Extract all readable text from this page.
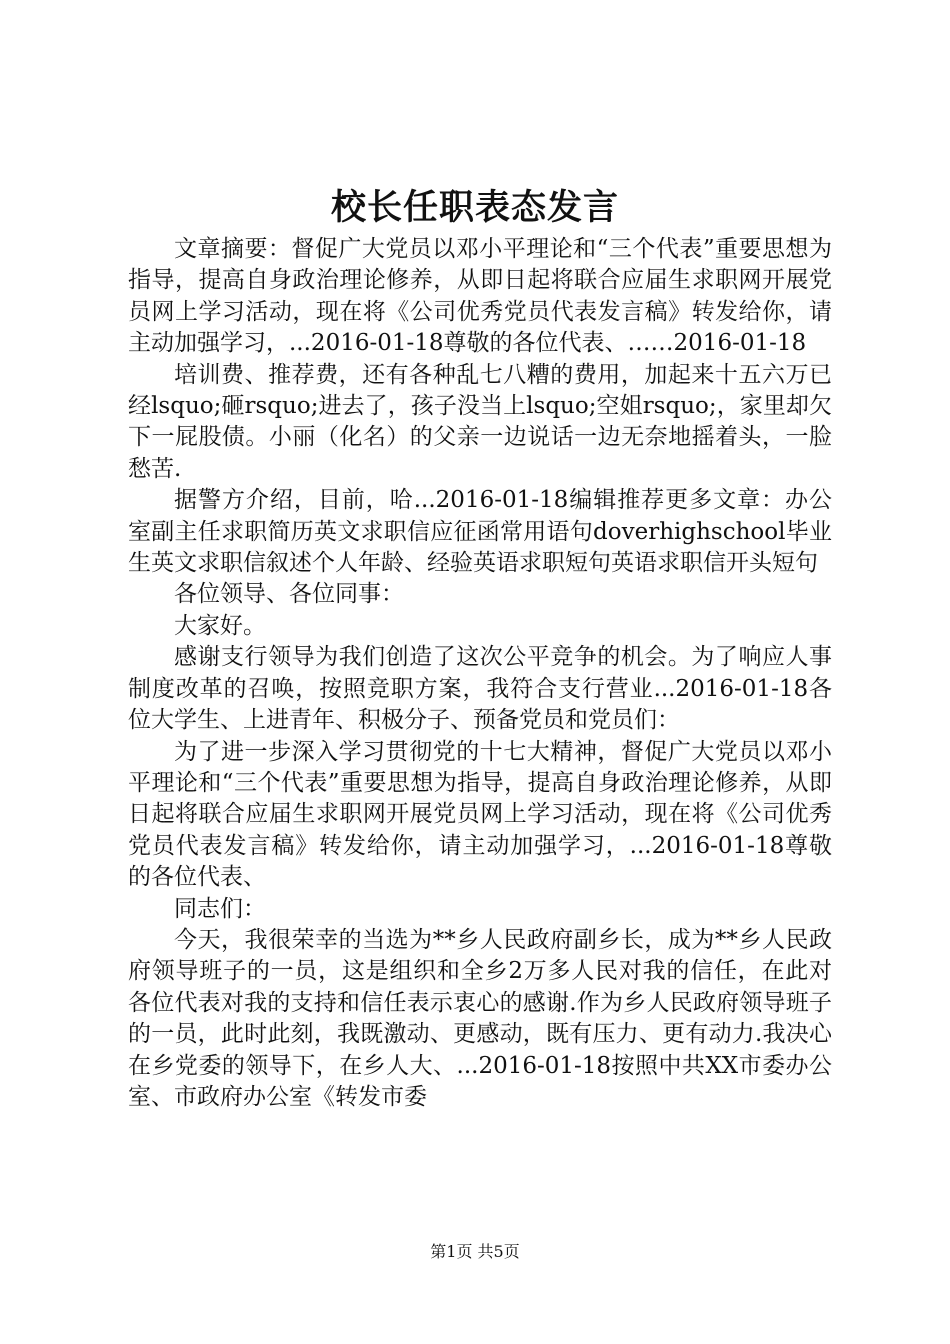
校长任职表态发言

文章摘要：督促广大党员以邓小平理论和“三个代表”重要思想为指导，提高自身政治理论修养，从即日起将联合应届生求职网开展党员网上学习活动，现在将《公司优秀党员代表发言稿》转发给你，请主动加强学习，...2016-01-18尊敬的各位代表、……2016-01-18

培训费、推荐费，还有各种乱七八糟的费用，加起来十五六万已经lsquo;砸rsquo;进去了，孩子没当上lsquo;空姐rsquo;，家里却欠下一屁股债。小丽（化名）的父亲一边说话一边无奈地摇着头，一脸愁苦.

据警方介绍，目前，哈...2016-01-18编辑推荐更多文章：办公室副主任求职简历英文求职信应征函常用语句doverhighschool毕业生英文求职信叙述个人年龄、经验英语求职短句英语求职信开头短句

各位领导、各位同事：

大家好。

感谢支行领导为我们创造了这次公平竞争的机会。为了响应人事制度改革的召唤，按照竞职方案，我符合支行营业...2016-01-18各位大学生、上进青年、积极分子、预备党员和党员们：

为了进一步深入学习贯彻党的十七大精神，督促广大党员以邓小平理论和“三个代表”重要思想为指导，提高自身政治理论修养，从即日起将联合应届生求职网开展党员网上学习活动，现在将《公司优秀党员代表发言稿》转发给你，请主动加强学习，...2016-01-18尊敬的各位代表、

同志们：

今天，我很荣幸的当选为**乡人民政府副乡长，成为**乡人民政府领导班子的一员，这是组织和全乡2万多人民对我的信任，在此对各位代表对我的支持和信任表示衷心的感谢.作为乡人民政府领导班子的一员，此时此刻，我既激动、更感动，既有压力、更有动力.我决心在乡党委的领导下，在乡人大、...2016-01-18按照中共XX市委办公室、市政府办公室《转发市委

第1页 共5页
